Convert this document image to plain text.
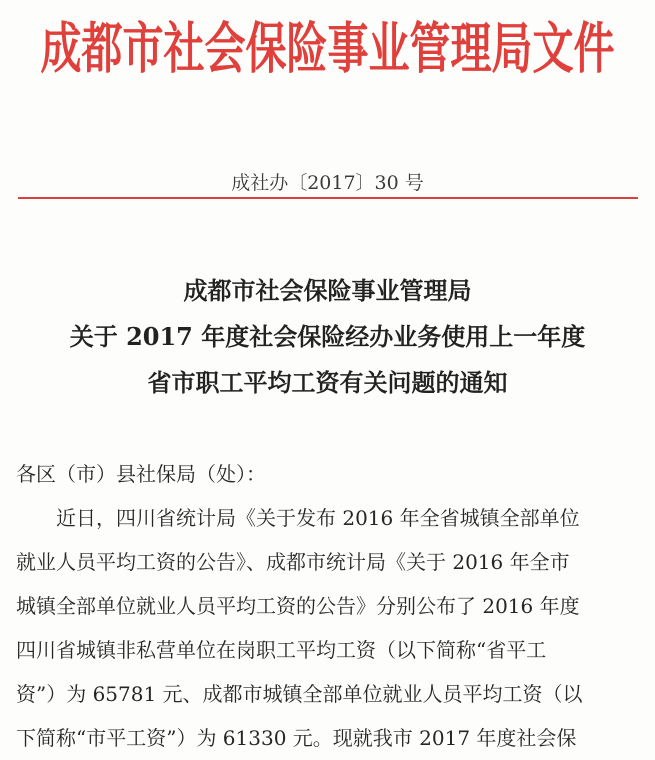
成都市社会保险事业管理局文件
成社办〔2017〕30 号
成都市社会保险事业管理局
关于 2017 年度社会保险经办业务使用上一年度
省市职工平均工资有关问题的通知
各区（市）县社保局（处）：
近日，四川省统计局《关于发布 2016 年全省城镇全部单位
就业人员平均工资的公告》、成都市统计局《关于 2016 年全市
城镇全部单位就业人员平均工资的公告》分别公布了 2016 年度
四川省城镇非私营单位在岗职工平均工资（以下简称“省平工
资”）为 65781 元、成都市城镇全部单位就业人员平均工资（以
下简称“市平工资”）为 61330 元。现就我市 2017 年度社会保
